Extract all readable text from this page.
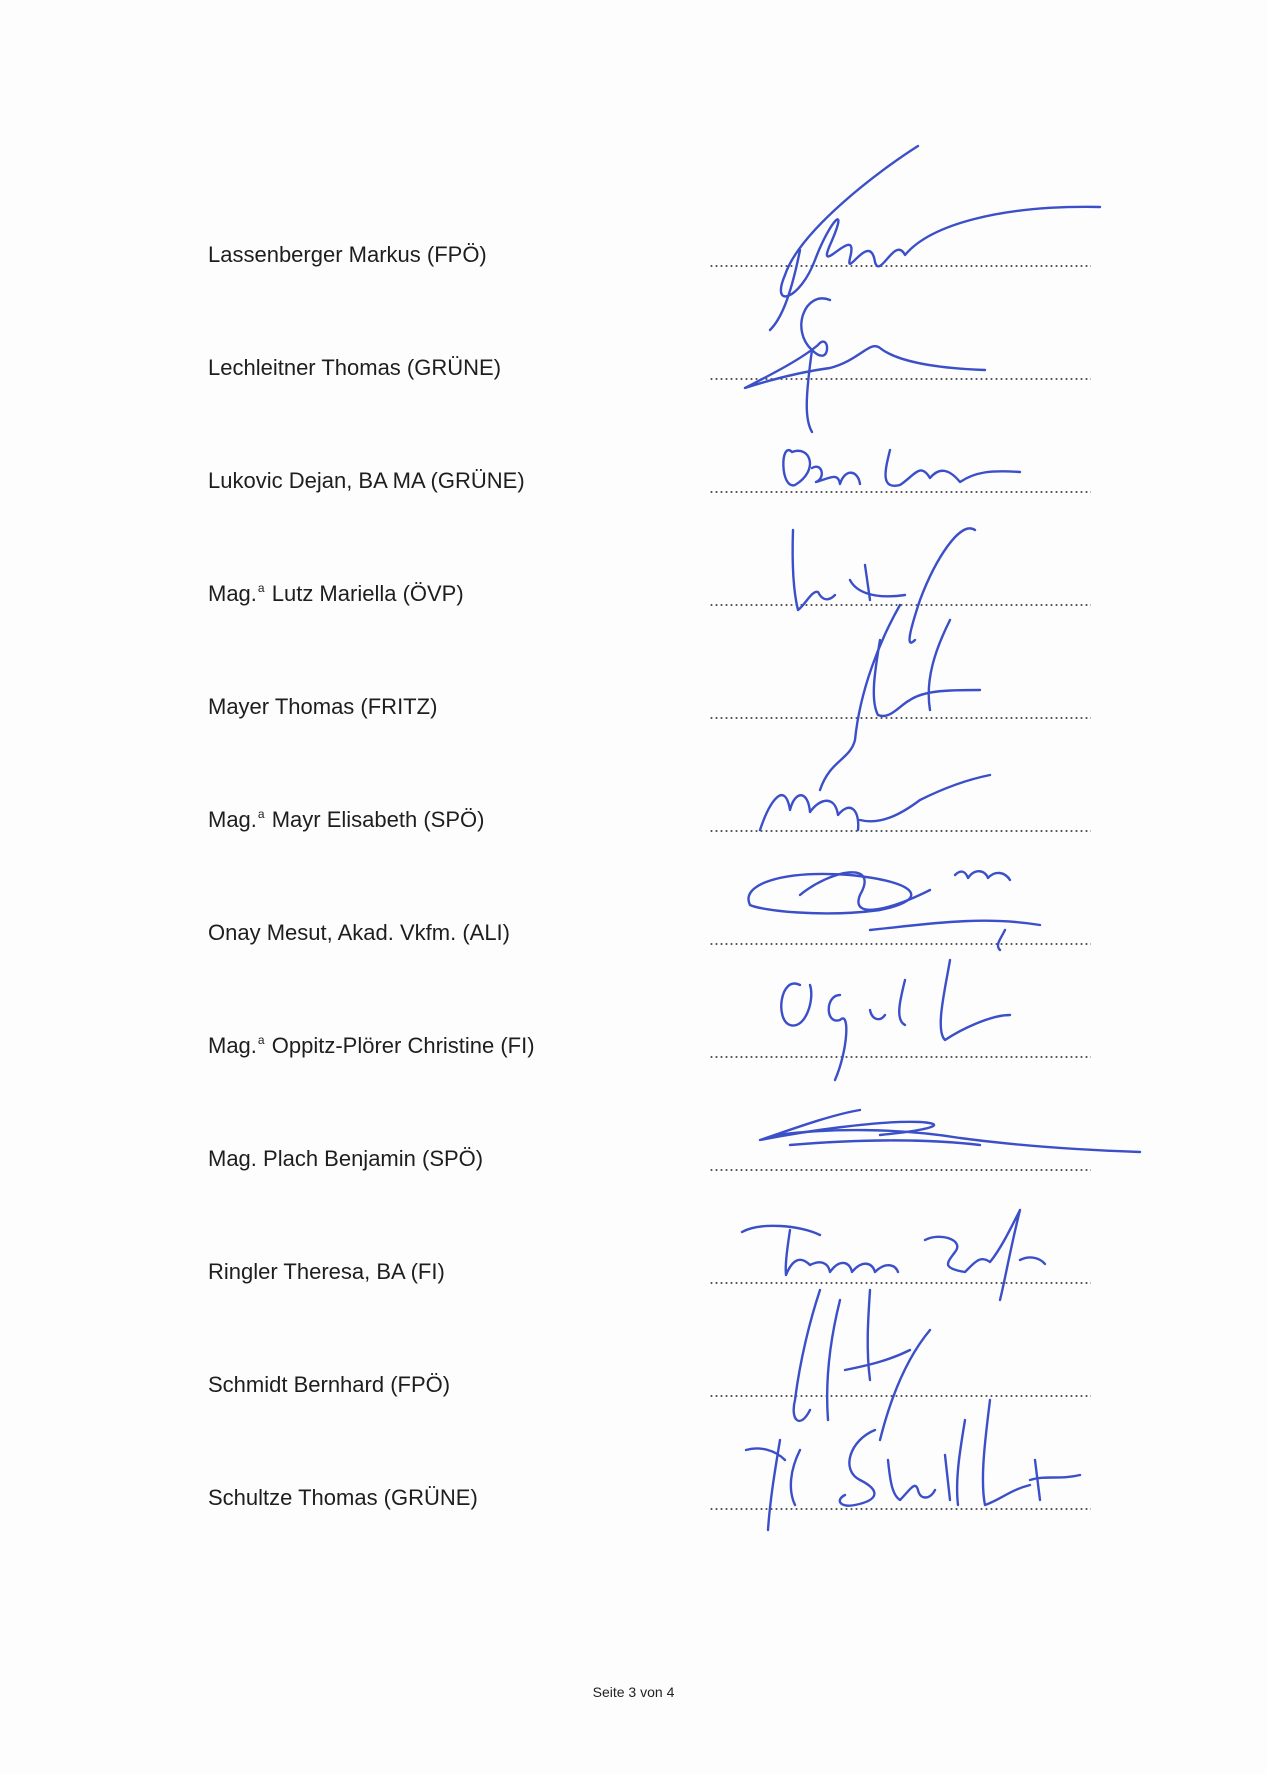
Lassenberger Markus (FPÖ)
Lechleitner Thomas (GRÜNE)
Lukovic Dejan, BA MA (GRÜNE)
Mag.$^a$ Lutz Mariella (ÖVP)
Mayer Thomas (FRITZ)
Mag.$^a$ Mayr Elisabeth (SPÖ)
Onay Mesut, Akad. Vkfm. (ALI)
Mag.$^a$ Oppitz-Plörer Christine (FI)
Mag. Plach Benjamin (SPÖ)
Ringler Theresa, BA (FI)
Schmidt Bernhard (FPÖ)
Schultze Thomas (GRÜNE)
Seite 3 von 4
